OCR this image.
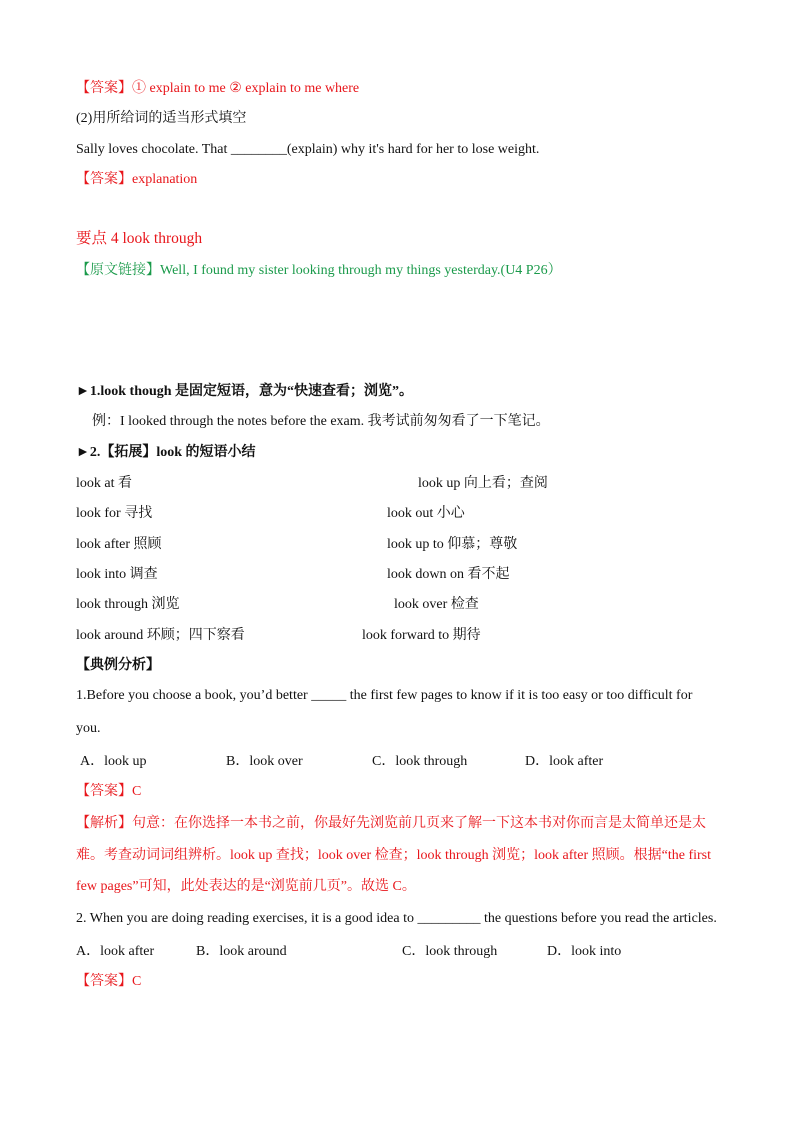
【答案】① explain to me ② explain to me where
(2)用所给词的适当形式填空
Sally loves chocolate. That ________(explain) why it's hard for her to lose weight.
【答案】explanation
要点 4 look through
【原文链接】Well, I found my sister looking through my things yesterday.(U4 P26）
►1.look though 是固定短语，意为“快速查看；浏览”。
例：I looked through the notes before the exam. 我考试前匆匆看了一下笔记。
►2.【拓展】look 的短语小结
look at 看	look up 向上看；查阅
look for 寻找	look out 小心
look after 照顾	look up to 仰慕；尊敬
look into 调查	look down on 看不起
look through 浏览	look over 检查
look around 环顾；四下察看	look forward to 期待
【典例分析】
1.Before you choose a book, you’d better _____ the first few pages to know if it is too easy or too difficult for
you.
A．look up	B．look over	C．look through	D．look after
【答案】C
【解析】句意：在你选择一本书之前，你最好先浏览前几页来了解一下这本书对你而言是太简单还是太
难。考查动词词组辨析。look up 查找；look over 检查；look through 浏览；look after 照顾。根据“the first
few pages”可知，此处表达的是“浏览前几页”。故选 C。
2. When you are doing reading exercises, it is a good idea to _________ the questions before you read the articles.
A．look after	B．look around	C．look through	D．look into
【答案】C
